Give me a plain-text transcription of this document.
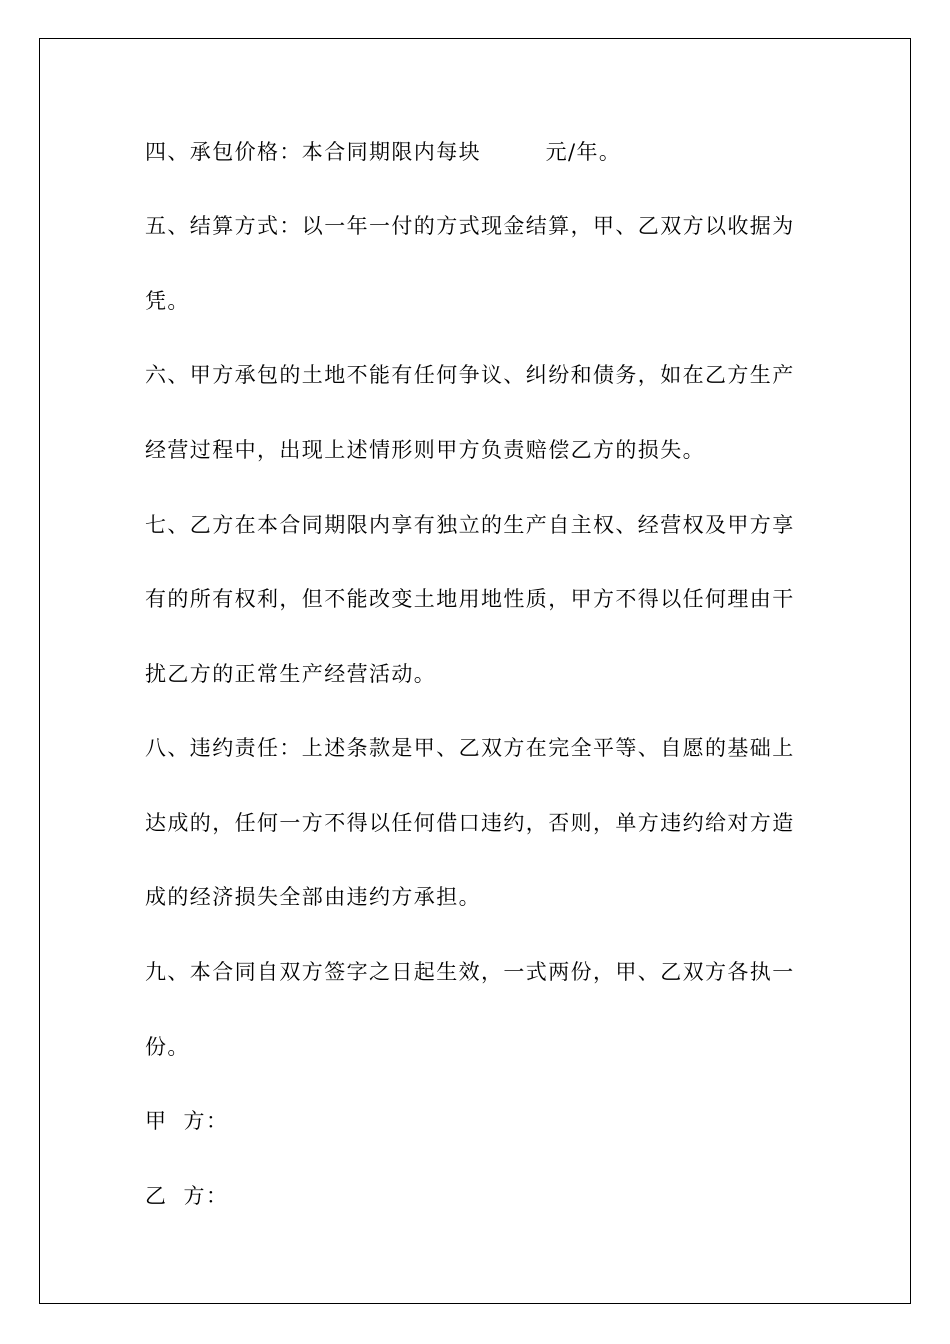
四、承包价格：本合同期限内每块        元/年。
五、结算方式：以一年一付的方式现金结算，甲、乙双方以收据为
凭。
六、甲方承包的土地不能有任何争议、纠纷和债务，如在乙方生产
经营过程中，出现上述情形则甲方负责赔偿乙方的损失。
七、乙方在本合同期限内享有独立的生产自主权、经营权及甲方享
有的所有权利，但不能改变土地用地性质，甲方不得以任何理由干
扰乙方的正常生产经营活动。
八、违约责任：上述条款是甲、乙双方在完全平等、自愿的基础上
达成的，任何一方不得以任何借口违约，否则，单方违约给对方造
成的经济损失全部由违约方承担。
九、本合同自双方签字之日起生效，一式两份，甲、乙双方各执一
份。
甲  方：
乙  方：
